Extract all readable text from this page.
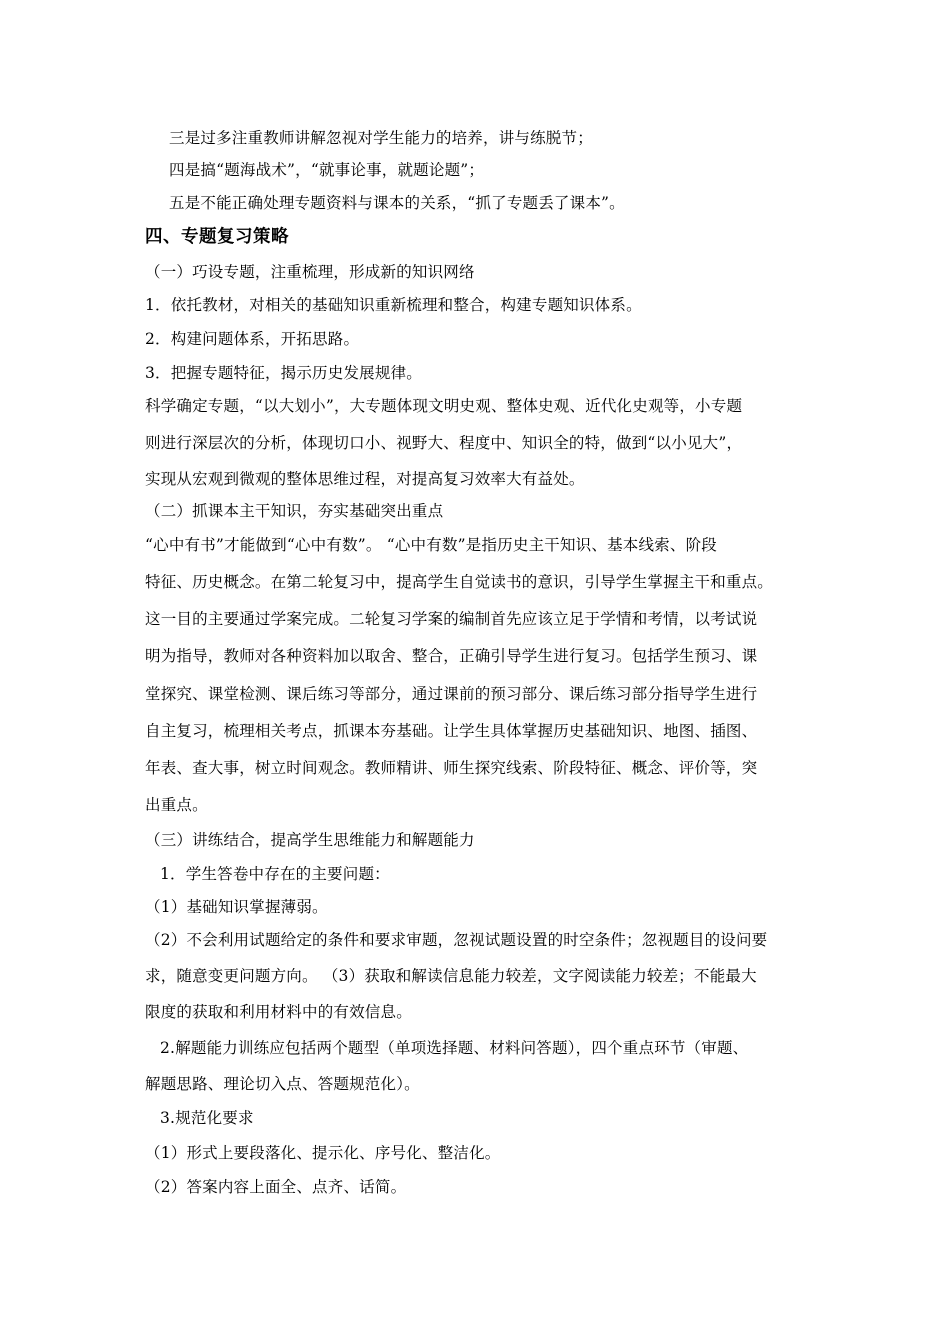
三是过多注重教师讲解忽视对学生能力的培养，讲与练脱节；
四是搞“题海战术”，“就事论事，就题论题”；
五是不能正确处理专题资料与课本的关系，“抓了专题丢了课本”。
四、专题复习策略
（一）巧设专题，注重梳理，形成新的知识网络
1．依托教材，对相关的基础知识重新梳理和整合，构建专题知识体系。
2．构建问题体系，开拓思路。
3．把握专题特征，揭示历史发展规律。
科学确定专题，“以大划小”，大专题体现文明史观、整体史观、近代化史观等，小专题
则进行深层次的分析，体现切口小、视野大、程度中、知识全的特，做到“以小见大”，
实现从宏观到微观的整体思维过程，对提高复习效率大有益处。
（二）抓课本主干知识，夯实基础突出重点
“心中有书”才能做到“心中有数”。 “心中有数”是指历史主干知识、基本线索、阶段
特征、历史概念。在第二轮复习中，提高学生自觉读书的意识，引导学生掌握主干和重点。
这一目的主要通过学案完成。二轮复习学案的编制首先应该立足于学情和考情，以考试说
明为指导，教师对各种资料加以取舍、整合，正确引导学生进行复习。包括学生预习、课
堂探究、课堂检测、课后练习等部分，通过课前的预习部分、课后练习部分指导学生进行
自主复习，梳理相关考点，抓课本夯基础。让学生具体掌握历史基础知识、地图、插图、
年表、查大事，树立时间观念。教师精讲、师生探究线索、阶段特征、概念、评价等，突
出重点。
（三）讲练结合，提高学生思维能力和解题能力
1．学生答卷中存在的主要问题：
（1）基础知识掌握薄弱。
（2）不会利用试题给定的条件和要求审题，忽视试题设置的时空条件；忽视题目的设问要
求，随意变更问题方向。 （3）获取和解读信息能力较差，文字阅读能力较差；不能最大
限度的获取和利用材料中的有效信息。
2.解题能力训练应包括两个题型（单项选择题、材料问答题），四个重点环节（审题、
解题思路、理论切入点、答题规范化）。
3.规范化要求
（1）形式上要段落化、提示化、序号化、整洁化。
（2）答案内容上面全、点齐、话简。
